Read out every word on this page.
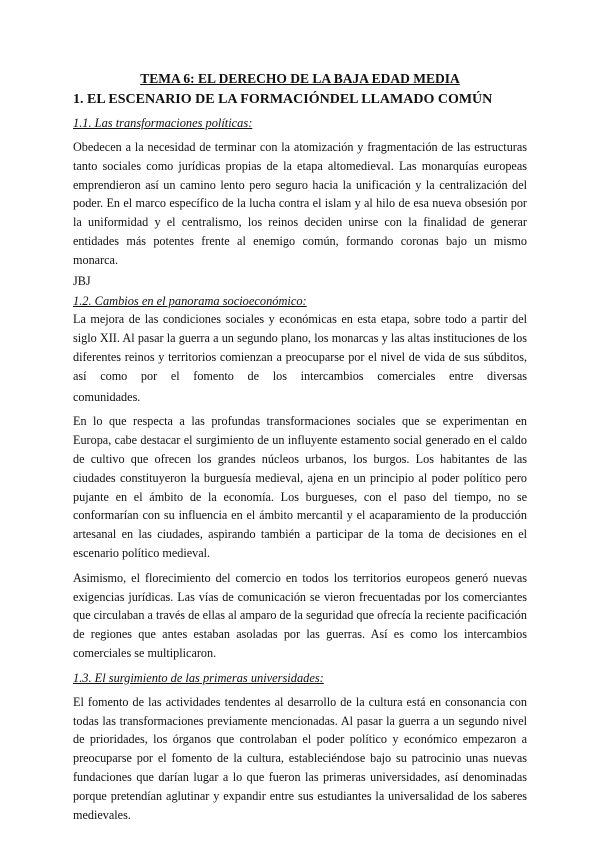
TEMA 6: EL DERECHO DE LA BAJA EDAD MEDIA
1. EL ESCENARIO DE LA FORMACIÓNDEL LLAMADO COMÚN
1.1. Las transformaciones políticas:

Obedecen a la necesidad de terminar con la atomización y fragmentación de las estructuras tanto sociales como jurídicas propias de la etapa altomedieval. Las monarquías europeas emprendieron así un camino lento pero seguro hacia la unificación y la centralización del poder. En el marco específico de la lucha contra el islam y al hilo de esa nueva obsesión por la uniformidad y el centralismo, los reinos deciden unirse con la finalidad de generar entidades más potentes frente al enemigo común, formando coronas bajo un mismo monarca.

JBJ

1.2. Cambios en el panorama socioeconómico:

La mejora de las condiciones sociales y económicas en esta etapa, sobre todo a partir del siglo XII. Al pasar la guerra a un segundo plano, los monarcas y las altas instituciones de los diferentes reinos y territorios comienzan a preocuparse por el nivel de vida de sus súbditos, así como por el fomento de los intercambios comerciales entre diversas

comunidades.

En lo que respecta a las profundas transformaciones sociales que se experimentan en Europa, cabe destacar el surgimiento de un influyente estamento social generado en el caldo de cultivo que ofrecen los grandes núcleos urbanos, los burgos. Los habitantes de las ciudades constituyeron la burguesía medieval, ajena en un principio al poder político pero pujante en el ámbito de la economía. Los burgueses, con el paso del tiempo, no se conformarían con su influencia en el ámbito mercantil y el acaparamiento de la producción artesanal en las ciudades, aspirando también a participar de la toma de decisiones en el escenario político medieval.

Asimismo, el florecimiento del comercio en todos los territorios europeos generó nuevas exigencias jurídicas. Las vías de comunicación se vieron frecuentadas por los comerciantes que circulaban a través de ellas al amparo de la seguridad que ofrecía la reciente pacificación de regiones que antes estaban asoladas por las guerras. Así es como los intercambios comerciales se multiplicaron.

1.3. El surgimiento de las primeras universidades:

El fomento de las actividades tendentes al desarrollo de la cultura está en consonancia con todas las transformaciones previamente mencionadas. Al pasar la guerra a un segundo nivel de prioridades, los órganos que controlaban el poder político y económico empezaron a preocuparse por el fomento de la cultura, estableciéndose bajo su patrocinio unas nuevas fundaciones que darían lugar a lo que fueron las primeras universidades, así denominadas porque pretendían aglutinar y expandir entre sus estudiantes la universalidad de los saberes medievales.
